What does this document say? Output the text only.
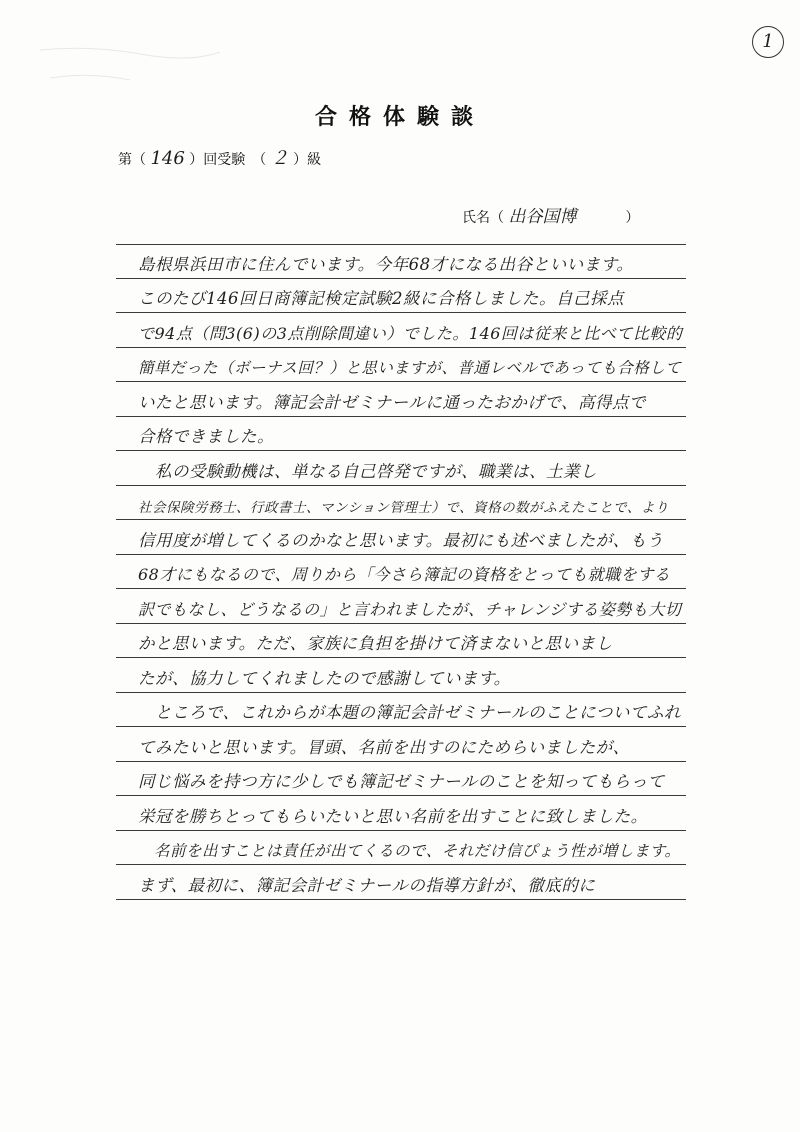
1
合格体験談
第（ 146 ）回受験　（ ２ ）級
氏名（ 出谷国博	）
島根県浜田市に住んでいます。今年68才になる出谷といいます。
このたび146回日商簿記検定試験2級に合格しました。自己採点
で94点（問3(6)の3点削除間違い）でした。146回は従来と比べて比較的
簡単だった（ボーナス回？）と思いますが、普通レベルであっても合格して
いたと思います。簿記会計ゼミナールに通ったおかげで、高得点で
合格できました。
　私の受験動機は、単なる自己啓発ですが、職業は、土業し
社会保険労務士、行政書士、マンション管理士）で、資格の数がふえたことで、より
信用度が増してくるのかなと思います。最初にも述べましたが、もう
68才にもなるので、周りから「今さら簿記の資格をとっても就職をする
訳でもなし、どうなるの」と言われましたが、チャレンジする姿勢も大切
かと思います。ただ、家族に負担を掛けて済まないと思いまし
たが、協力してくれましたので感謝しています。
　ところで、これからが本題の簿記会計ゼミナールのことについてふれ
てみたいと思います。冒頭、名前を出すのにためらいましたが、
同じ悩みを持つ方に少しでも簿記ゼミナールのことを知ってもらって
栄冠を勝ちとってもらいたいと思い名前を出すことに致しました。
　名前を出すことは責任が出てくるので、それだけ信ぴょう性が増します。
まず、最初に、簿記会計ゼミナールの指導方針が、徹底的に
